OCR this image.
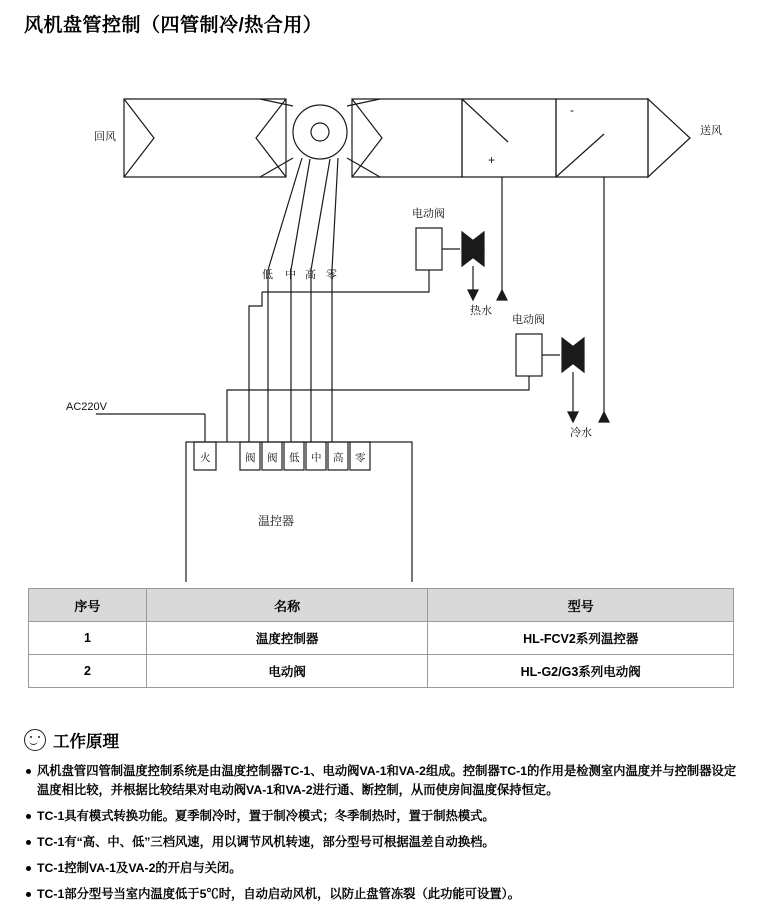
风机盘管控制（四管制冷/热合用）
回风	送风
低 中 高 零
电动阀
电动阀
热水
冷水
+
-
AC220V
火	阀 阀 低 中 高 零
温控器
序号	名称	型号
1	温度控制器	HL-FCV2系列温控器
2	电动阀	HL-G2/G3系列电动阀
工作原理
风机盘管四管制温度控制系统是由温度控制器TC-1、电动阀VA-1和VA-2组成。控制器TC-1的作用是检测室内温度并与控制器设定温度相比较，并根据比较结果对电动阀VA-1和VA-2进行通、断控制，从而使房间温度保持恒定。
TC-1具有模式转换功能。夏季制冷时，置于制冷模式；冬季制热时，置于制热模式。
TC-1有“高、中、低”三档风速，用以调节风机转速，部分型号可根据温差自动换档。
TC-1控制VA-1及VA-2的开启与关闭。
TC-1部分型号当室内温度低于5℃时，自动启动风机，以防止盘管冻裂（此功能可设置）。
